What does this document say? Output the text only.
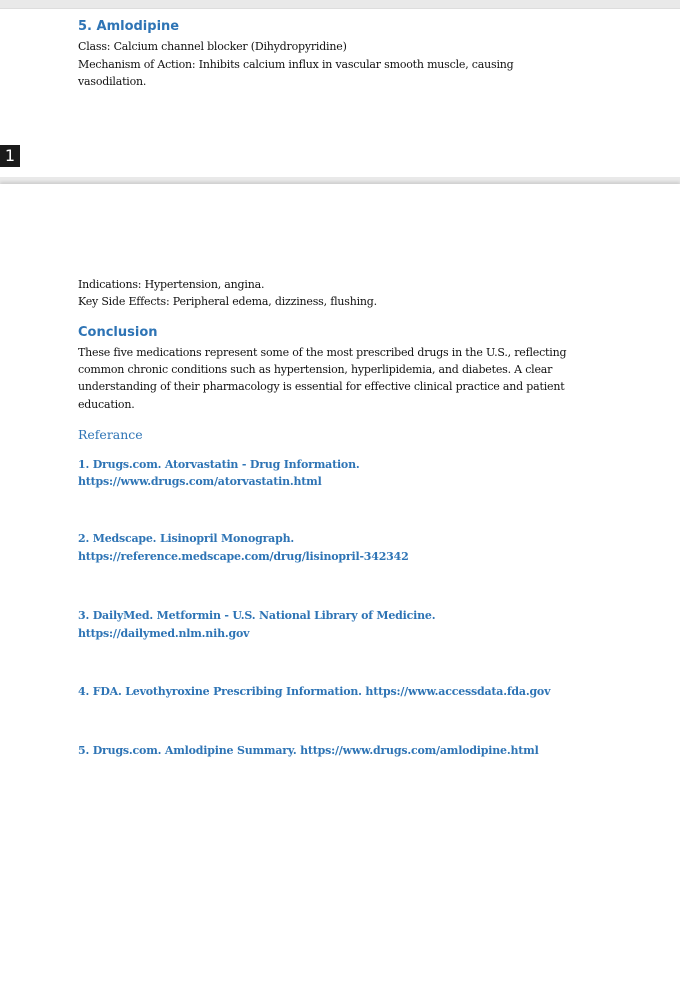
1
5. Amlodipine

Class: Calcium channel blocker (Dihydropyridine)

Mechanism of Action: Inhibits calcium influx in vascular smooth muscle, causing

vasodilation.

Indications: Hypertension, angina.

Key Side Effects: Peripheral edema, dizziness, flushing.

Conclusion

These five medications represent some of the most prescribed drugs in the U.S., reflecting

common chronic conditions such as hypertension, hyperlipidemia, and diabetes. A clear

understanding of their pharmacology is essential for effective clinical practice and patient

education.

Referance

1. Drugs.com. Atorvastatin - Drug Information.

https://www.drugs.com/atorvastatin.html

2. Medscape. Lisinopril Monograph.

https://reference.medscape.com/drug/lisinopril-342342

3. DailyMed. Metformin - U.S. National Library of Medicine.

https://dailymed.nlm.nih.gov

4. FDA. Levothyroxine Prescribing Information. https://www.accessdata.fda.gov

5. Drugs.com. Amlodipine Summary. https://www.drugs.com/amlodipine.html
